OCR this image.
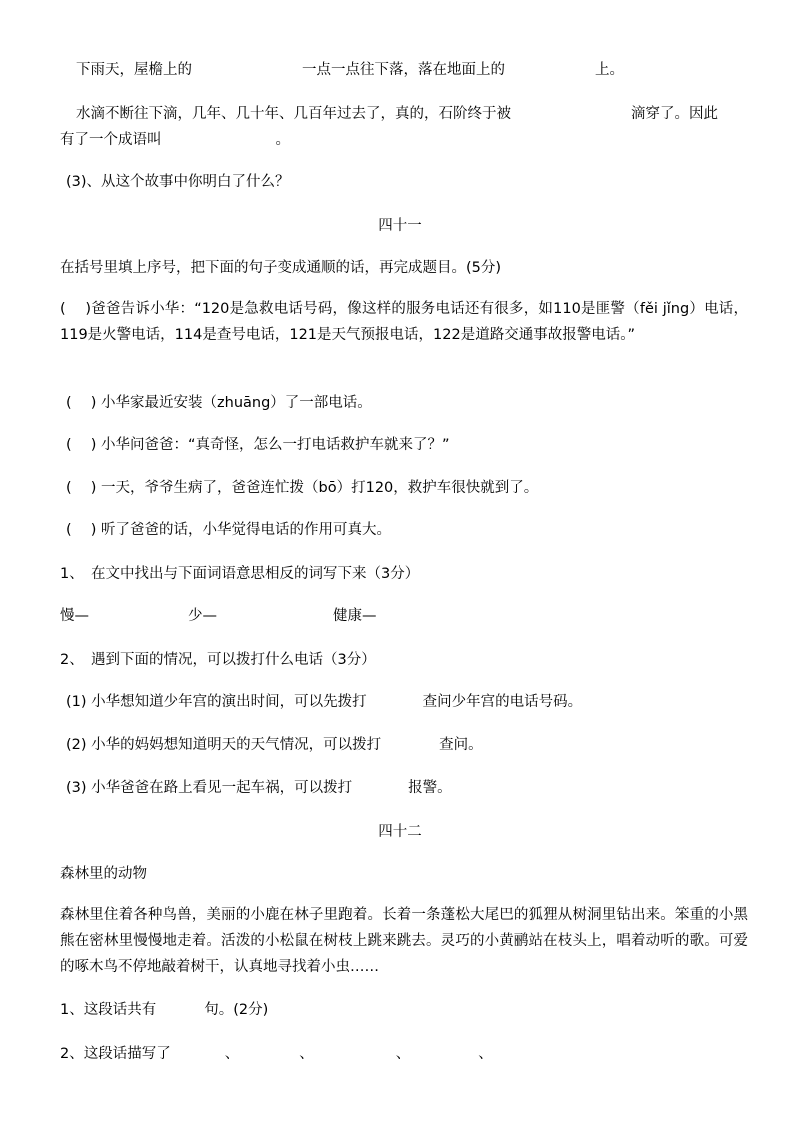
下雨天，屋檐上的	一点一点往下落，落在地面上的	上。
水滴不断往下滴，几年、几十年、几百年过去了，真的，石阶终于被	滴穿了。因此
有了一个成语叫	。
(3)、从这个故事中你明白了什么？
四十一
在括号里填上序号，把下面的句子变成通顺的话，再完成题目。(5分)
(　 )爸爸告诉小华：“120是急救电话号码，像这样的服务电话还有很多，如110是匪警（fěi jǐng）电话，119是火警电话，114是查号电话，121是天气预报电话，122是道路交通事故报警电话。”
(　 ) 小华家最近安装（zhuāng）了一部电话。
(　 ) 小华问爸爸：“真奇怪，怎么一打电话救护车就来了？”
(　 ) 一天，爷爷生病了，爸爸连忙拨（bō）打120，救护车很快就到了。
(　 ) 听了爸爸的话，小华觉得电话的作用可真大。
1、　在文中找出与下面词语意思相反的词写下来（3分）
慢—	少—	健康—
2、　遇到下面的情况，可以拨打什么电话（3分）
(1) 小华想知道少年宫的演出时间，可以先拨打	查问少年宫的电话号码。
(2) 小华的妈妈想知道明天的天气情况，可以拨打	查问。
(3) 小华爸爸在路上看见一起车祸，可以拨打	报警。
四十二
森林里的动物
森林里住着各种鸟兽，美丽的小鹿在林子里跑着。长着一条蓬松大尾巴的狐狸从树洞里钻出来。笨重的小黑熊在密林里慢慢地走着。活泼的小松鼠在树枝上跳来跳去。灵巧的小黄鹂站在枝头上，唱着动听的歌。可爱的啄木鸟不停地敲着树干，认真地寻找着小虫……
1、这段话共有	句。(2分)
2、这段话描写了	、	、	、	、
